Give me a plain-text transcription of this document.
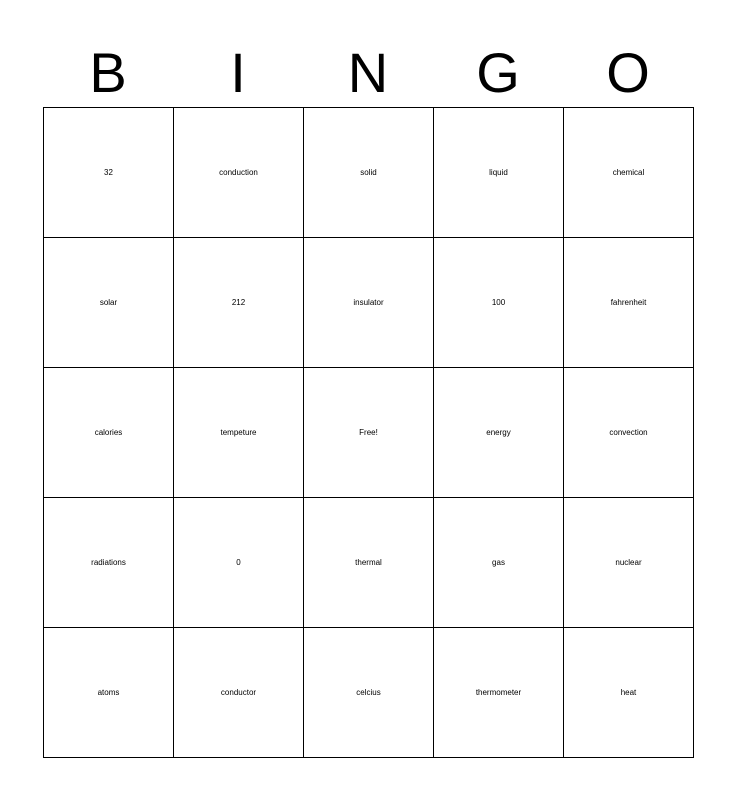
B	I	N	G	O
32	conduction	solid	liquid	chemical
solar	212	insulator	100	fahrenheit
calories	tempeture	Free!	energy	convection
radiations	0	thermal	gas	nuclear
atoms	conductor	celcius	thermometer	heat
